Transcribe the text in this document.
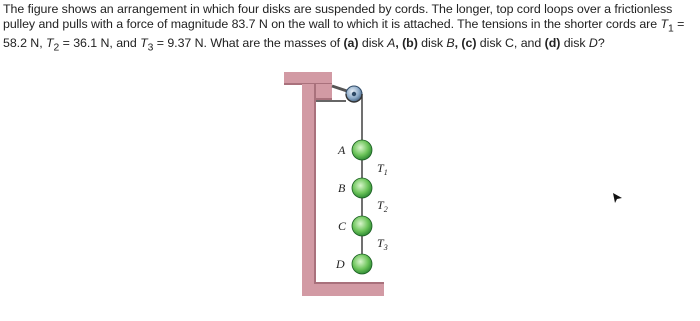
The figure shows an arrangement in which four disks are suspended by cords. The longer, top cord loops over a frictionless pulley and pulls with a force of magnitude 83.7 N on the wall to which it is attached. The tensions in the shorter cords are $T_1 = 58.2$ N, $T_2 = 36.1$ N, and $T_3 = 9.37$ N. What are the masses of (a) disk A, (b) disk B, (c) disk C, and (d) disk D?
A
B
C
D
$T_1$
$T_2$
$T_3$
